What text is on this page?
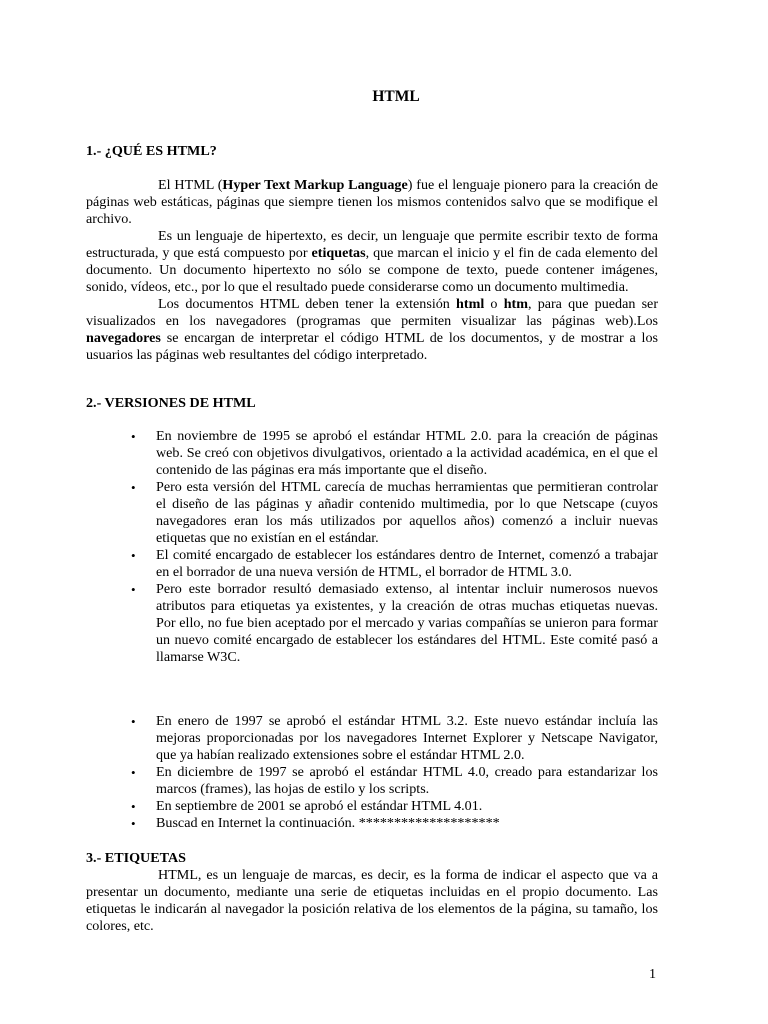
HTML

1.- ¿QUÉ ES HTML?

El HTML (Hyper Text Markup Language) fue el lenguaje pionero para la creación de páginas web estáticas, páginas que siempre tienen los mismos contenidos salvo que se modifique el archivo.

Es un lenguaje de hipertexto, es decir, un lenguaje que permite escribir texto de forma estructurada, y que está compuesto por etiquetas, que marcan el inicio y el fin de cada elemento del documento. Un documento hipertexto no sólo se compone de texto, puede contener imágenes, sonido, vídeos, etc., por lo que el resultado puede considerarse como un documento multimedia.

Los documentos HTML deben tener la extensión html o htm, para que puedan ser visualizados en los navegadores (programas que permiten visualizar las páginas web).Los navegadores se encargan de interpretar el código HTML de los documentos, y de mostrar a los usuarios las páginas web resultantes del código interpretado.

2.- VERSIONES DE HTML

• En noviembre de 1995 se aprobó el estándar HTML 2.0. para la creación de páginas web. Se creó con objetivos divulgativos, orientado a la actividad académica, en el que el contenido de las páginas era más importante que el diseño.
• Pero esta versión del HTML carecía de muchas herramientas que permitieran controlar el diseño de las páginas y añadir contenido multimedia, por lo que Netscape (cuyos navegadores eran los más utilizados por aquellos años) comenzó a incluir nuevas etiquetas que no existían en el estándar.
• El comité encargado de establecer los estándares dentro de Internet, comenzó a trabajar en el borrador de una nueva versión de HTML, el borrador de HTML 3.0.
• Pero este borrador resultó demasiado extenso, al intentar incluir numerosos nuevos atributos para etiquetas ya existentes, y la creación de otras muchas etiquetas nuevas. Por ello, no fue bien aceptado por el mercado y varias compañías se unieron para formar un nuevo comité encargado de establecer los estándares del HTML. Este comité pasó a llamarse W3C.
• En enero de 1997 se aprobó el estándar HTML 3.2. Este nuevo estándar incluía las mejoras proporcionadas por los navegadores Internet Explorer y Netscape Navigator, que ya habían realizado extensiones sobre el estándar HTML 2.0.
• En diciembre de 1997 se aprobó el estándar HTML 4.0, creado para estandarizar los marcos (frames), las hojas de estilo y los scripts.
• En septiembre de 2001 se aprobó el estándar HTML 4.01.
• Buscad en Internet la continuación. ********************

3.- ETIQUETAS

HTML, es un lenguaje de marcas, es decir, es la forma de indicar el aspecto que va a presentar un documento, mediante una serie de etiquetas incluidas en el propio documento. Las etiquetas le indicarán al navegador la posición relativa de los elementos de la página, su tamaño, los colores, etc.

1
